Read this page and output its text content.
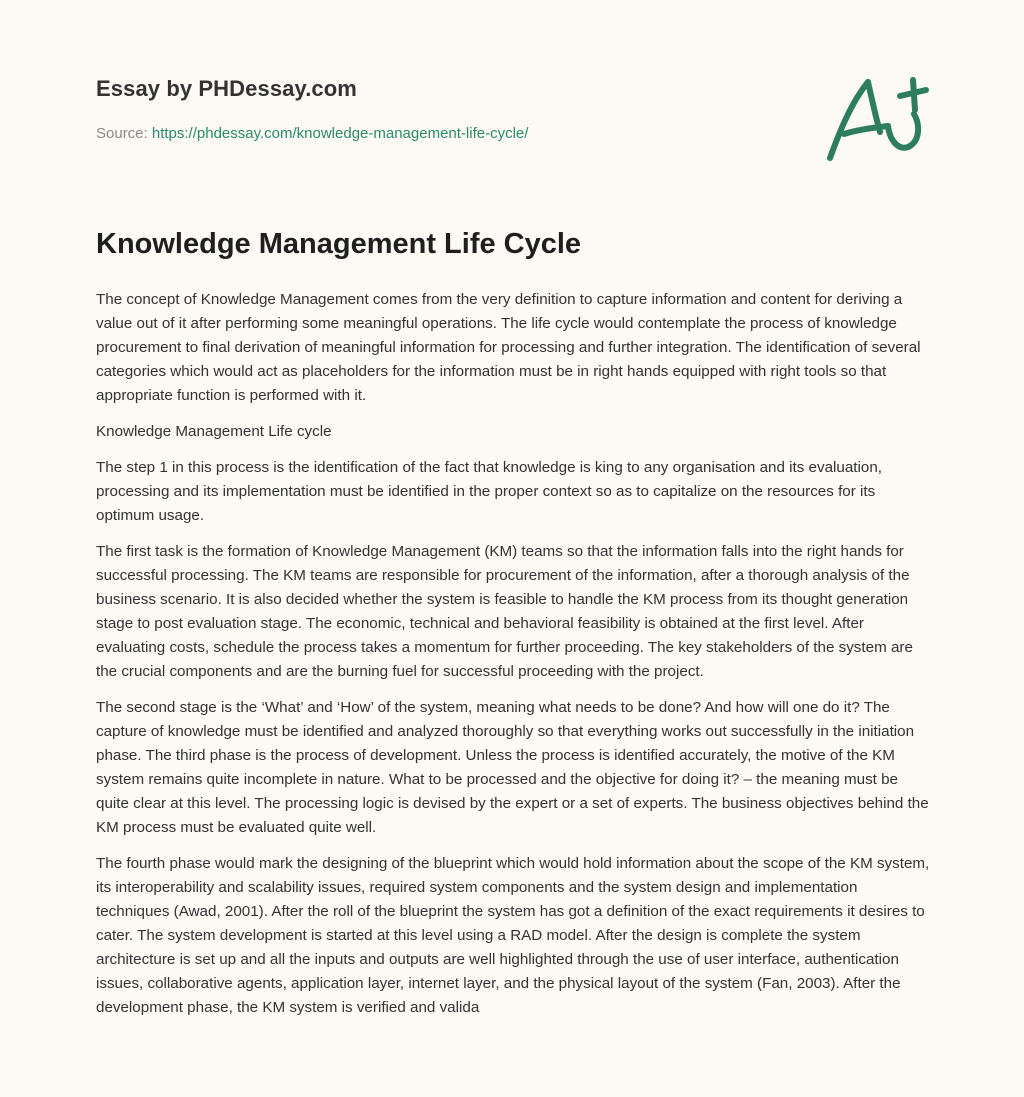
Essay by PHDessay.com
Source: https://phdessay.com/knowledge-management-life-cycle/
Knowledge Management Life Cycle

The concept of Knowledge Management comes from the very definition to capture information and content for deriving a value out of it after performing some meaningful operations. The life cycle would contemplate the process of knowledge procurement to final derivation of meaningful information for processing and further integration. The identification of several categories which would act as placeholders for the information must be in right hands equipped with right tools so that appropriate function is performed with it.

Knowledge Management Life cycle

The step 1 in this process is the identification of the fact that knowledge is king to any organisation and its evaluation, processing and its implementation must be identified in the proper context so as to capitalize on the resources for its optimum usage.

The first task is the formation of Knowledge Management (KM) teams so that the information falls into the right hands for successful processing. The KM teams are responsible for procurement of the information, after a thorough analysis of the business scenario. It is also decided whether the system is feasible to handle the KM process from its thought generation stage to post evaluation stage. The economic, technical and behavioral feasibility is obtained at the first level. After evaluating costs, schedule the process takes a momentum for further proceeding. The key stakeholders of the system are the crucial components and are the burning fuel for successful proceeding with the project.

The second stage is the ‘What’ and ‘How’ of the system, meaning what needs to be done? And how will one do it? The capture of knowledge must be identified and analyzed thoroughly so that everything works out successfully in the initiation phase. The third phase is the process of development. Unless the process is identified accurately, the motive of the KM system remains quite incomplete in nature. What to be processed and the objective for doing it? – the meaning must be quite clear at this level. The processing logic is devised by the expert or a set of experts. The business objectives behind the KM process must be evaluated quite well.

The fourth phase would mark the designing of the blueprint which would hold information about the scope of the KM system, its interoperability and scalability issues, required system components and the system design and implementation techniques (Awad, 2001). After the roll of the blueprint the system has got a definition of the exact requirements it desires to cater. The system development is started at this level using a RAD model. After the design is complete the system architecture is set up and all the inputs and outputs are well highlighted through the use of user interface, authentication issues, collaborative agents, application layer, internet layer, and the physical layout of the system (Fan, 2003). After the development phase, the KM system is verified and valida
